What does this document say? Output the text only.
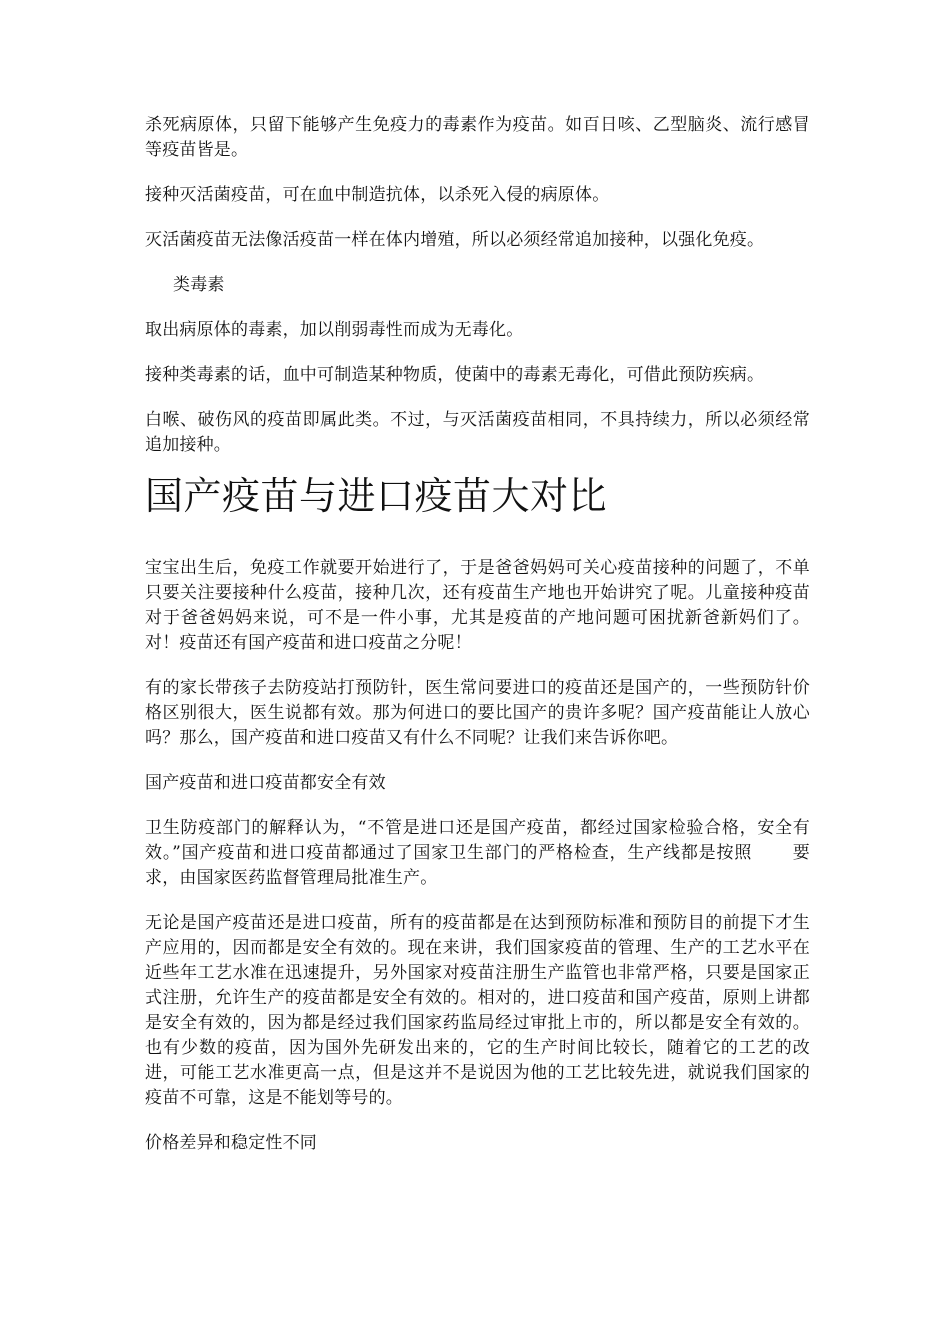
杀死病原体，只留下能够产生免疫力的毒素作为疫苗。如百日咳、乙型脑炎、流行感冒等疫苗皆是。

接种灭活菌疫苗，可在血中制造抗体，以杀死入侵的病原体。

灭活菌疫苗无法像活疫苗一样在体内增殖，所以必须经常追加接种，以强化免疫。

类毒素

取出病原体的毒素，加以削弱毒性而成为无毒化。

接种类毒素的话，血中可制造某种物质，使菌中的毒素无毒化，可借此预防疾病。

白喉、破伤风的疫苗即属此类。不过，与灭活菌疫苗相同，不具持续力，所以必须经常追加接种。

国产疫苗与进口疫苗大对比

宝宝出生后，免疫工作就要开始进行了，于是爸爸妈妈可关心疫苗接种的问题了，不单只要关注要接种什么疫苗，接种几次，还有疫苗生产地也开始讲究了呢。儿童接种疫苗对于爸爸妈妈来说，可不是一件小事，尤其是疫苗的产地问题可困扰新爸新妈们了。对！疫苗还有国产疫苗和进口疫苗之分呢！

有的家长带孩子去防疫站打预防针，医生常问要进口的疫苗还是国产的，一些预防针价格区别很大，医生说都有效。那为何进口的要比国产的贵许多呢？国产疫苗能让人放心吗？那么，国产疫苗和进口疫苗又有什么不同呢？让我们来告诉你吧。

国产疫苗和进口疫苗都安全有效

卫生防疫部门的解释认为，“不管是进口还是国产疫苗，都经过国家检验合格，安全有效。”国产疫苗和进口疫苗都通过了国家卫生部门的严格检查，生产线都是按照 要求，由国家医药监督管理局批准生产。

无论是国产疫苗还是进口疫苗，所有的疫苗都是在达到预防标准和预防目的前提下才生产应用的，因而都是安全有效的。现在来讲，我们国家疫苗的管理、生产的工艺水平在近些年工艺水准在迅速提升，另外国家对疫苗注册生产监管也非常严格，只要是国家正式注册，允许生产的疫苗都是安全有效的。相对的，进口疫苗和国产疫苗，原则上讲都是安全有效的，因为都是经过我们国家药监局经过审批上市的，所以都是安全有效的。也有少数的疫苗，因为国外先研发出来的，它的生产时间比较长，随着它的工艺的改进，可能工艺水准更高一点，但是这并不是说因为他的工艺比较先进，就说我们国家的疫苗不可靠，这是不能划等号的。

价格差异和稳定性不同
